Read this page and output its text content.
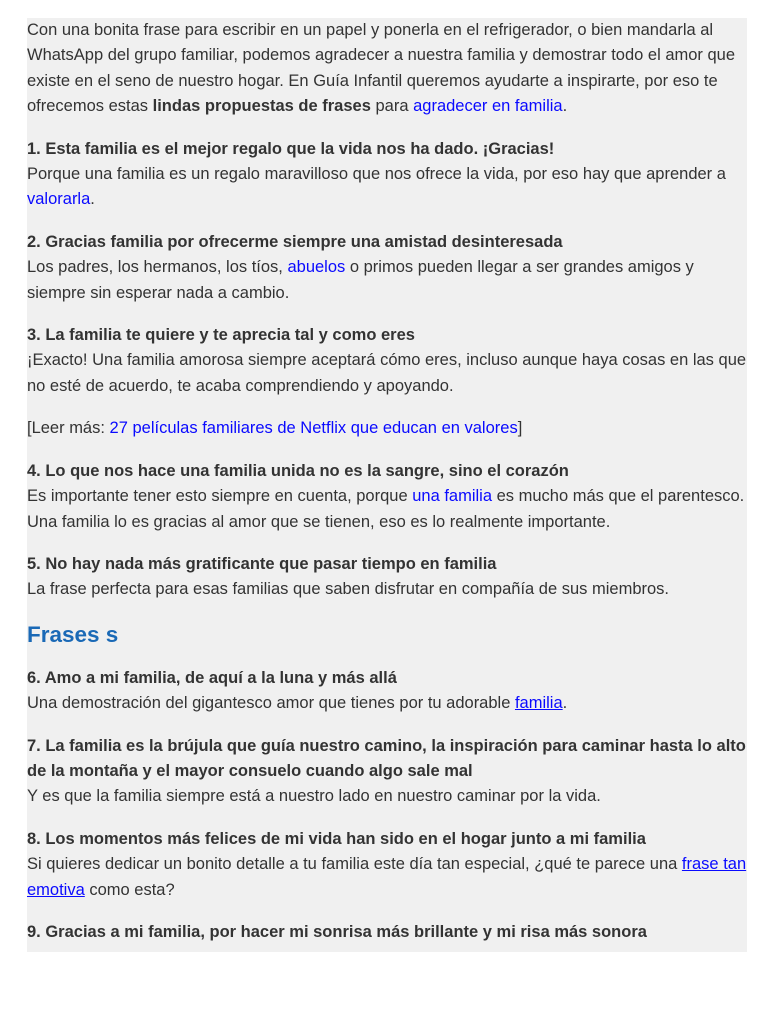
Con una bonita frase para escribir en un papel y ponerla en el refrigerador, o bien mandarla al WhatsApp del grupo familiar, podemos agradecer a nuestra familia y demostrar todo el amor que existe en el seno de nuestro hogar. En Guía Infantil queremos ayudarte a inspirarte, por eso te ofrecemos estas lindas propuestas de frases para agradecer en familia.

1. Esta familia es el mejor regalo que la vida nos ha dado. ¡Gracias!

Porque una familia es un regalo maravilloso que nos ofrece la vida, por eso hay que aprender a valorarla.

2. Gracias familia por ofrecerme siempre una amistad desinteresada

Los padres, los hermanos, los tíos, abuelos o primos pueden llegar a ser grandes amigos y siempre sin esperar nada a cambio.

3. La familia te quiere y te aprecia tal y como eres

¡Exacto! Una familia amorosa siempre aceptará cómo eres, incluso aunque haya cosas en las que no esté de acuerdo, te acaba comprendiendo y apoyando.

[Leer más: 27 películas familiares de Netflix que educan en valores]

4. Lo que nos hace una familia unida no es la sangre, sino el corazón

Es importante tener esto siempre en cuenta, porque una familia es mucho más que el parentesco. Una familia lo es gracias al amor que se tienen, eso es lo realmente importante.

5. No hay nada más gratificante que pasar tiempo en familia

La frase perfecta para esas familias que saben disfrutar en compañía de sus miembros.

Frases s

6. Amo a mi familia, de aquí a la luna y más allá

Una demostración del gigantesco amor que tienes por tu adorable familia.

7. La familia es la brújula que guía nuestro camino, la inspiración para caminar hasta lo alto de la montaña y el mayor consuelo cuando algo sale mal

Y es que la familia siempre está a nuestro lado en nuestro caminar por la vida.

8. Los momentos más felices de mi vida han sido en el hogar junto a mi familia

Si quieres dedicar un bonito detalle a tu familia este día tan especial, ¿qué te parece una frase tan emotiva como esta?

9. Gracias a mi familia, por hacer mi sonrisa más brillante y mi risa más sonora
